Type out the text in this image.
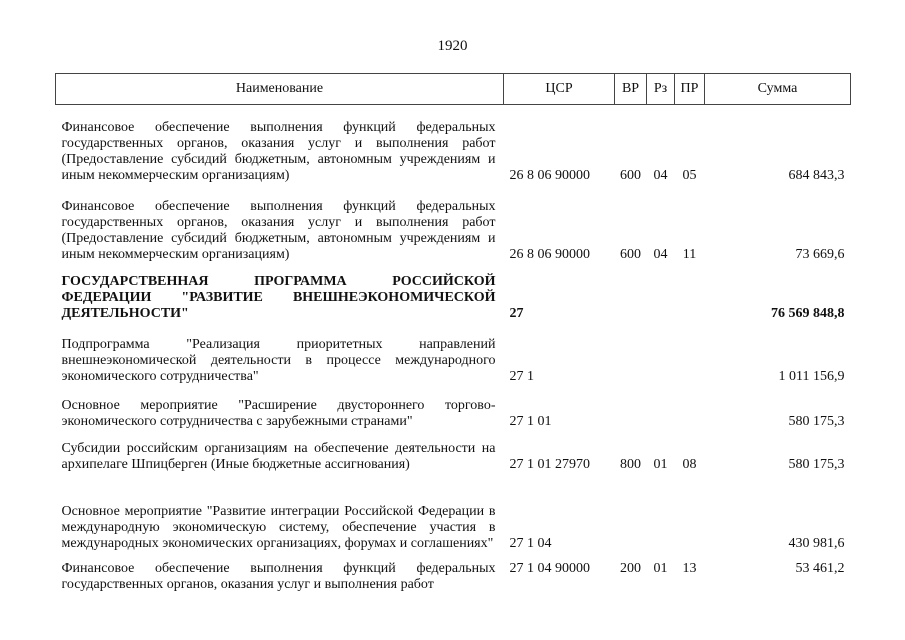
1920
Наименование	ЦСР	ВР	Рз	ПР	Сумма
Финансовое обеспечение выполнения функций федеральных государственных органов, оказания услуг и выполнения работ (Предоставление субсидий бюджетным, автономным учреждениям и иным некоммерческим организациям)	26 8 06 90000	600	04	05	684 843,3
Финансовое обеспечение выполнения функций федеральных государственных органов, оказания услуг и выполнения работ (Предоставление субсидий бюджетным, автономным учреждениям и иным некоммерческим организациям)	26 8 06 90000	600	04	11	73 669,6
ГОСУДАРСТВЕННАЯ ПРОГРАММА РОССИЙСКОЙ ФЕДЕРАЦИИ "РАЗВИТИЕ ВНЕШНЕЭКОНОМИЧЕСКОЙ ДЕЯТЕЛЬНОСТИ"	27				76 569 848,8
Подпрограмма "Реализация приоритетных направлений внешнеэкономической деятельности в процессе международного экономического сотрудничества"	27 1				1 011 156,9
Основное мероприятие "Расширение двустороннего торгово-экономического сотрудничества с зарубежными странами"	27 1 01				580 175,3
Субсидии российским организациям на обеспечение деятельности на архипелаге Шпицберген (Иные бюджетные ассигнования)	27 1 01 27970	800	01	08	580 175,3
Основное мероприятие "Развитие интеграции Российской Федерации в международную экономическую систему, обеспечение участия в международных экономических организациях, форумах и соглашениях"	27 1 04				430 981,6

Финансовое обеспечение выполнения функций федеральных государственных органов, оказания услуг и выполнения работ	27 1 04 90000	200	01	13	53 461,2
